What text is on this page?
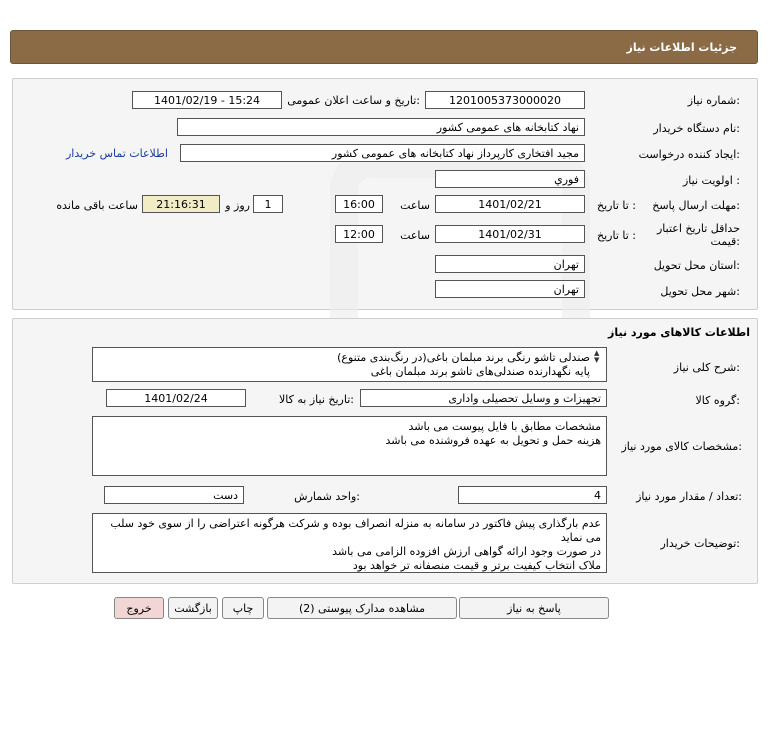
جزئیات اطلاعات نیاز
شماره نیاز:
1201005373000020
تاریخ و ساعت اعلان عمومی:
1401/02/19 - 15:24
نام دستگاه خریدار:
نهاد کتابخانه های عمومی کشور
ایجاد کننده درخواست:
مجید افتخاری کارپرداز نهاد کتابخانه های عمومی کشور
اطلاعات تماس خریدار
اولویت نیاز :
فوري
مهلت ارسال پاسخ:
تا تاریخ :
1401/02/21
ساعت
16:00
1
روز و
21:16:31
ساعت باقی مانده
حداقل تاریخ اعتبار قیمت:
تا تاریخ :
1401/02/31
ساعت
12:00
استان محل تحویل:
تهران
شهر محل تحویل:
تهران
اطلاعات کالاهای مورد نیاز
شرح کلی نیاز:
صندلی تاشو رنگی برند مبلمان باغی(در رنگ‌بندی متنوع)
پایه نگهدارنده صندلی‌های تاشو برند مبلمان باغی
▲
▼
گروه کالا:
تجهیزات و وسایل تحصیلی واداری
تاریخ نیاز به کالا:
1401/02/24
مشخصات کالای مورد نیاز:
مشخصات مطابق با فایل پیوست می باشد
هزینه حمل و تحویل به عهده فروشنده می باشد
تعداد / مقدار مورد نیاز:
4
واحد شمارش:
دست
توضیحات خریدار:
عدم بارگذاری پیش فاکتور در سامانه به منزله انصراف بوده و شرکت هرگونه اعتراضی را از سوی خود سلب می نماید
در صورت وجود ارائه گواهی ارزش افزوده الزامی می باشد
ملاک انتخاب کیفیت برتر و قیمت منصفانه تر خواهد بود
پاسخ به نیاز
مشاهده مدارک پیوستی (2)
چاپ
بازگشت
خروج
